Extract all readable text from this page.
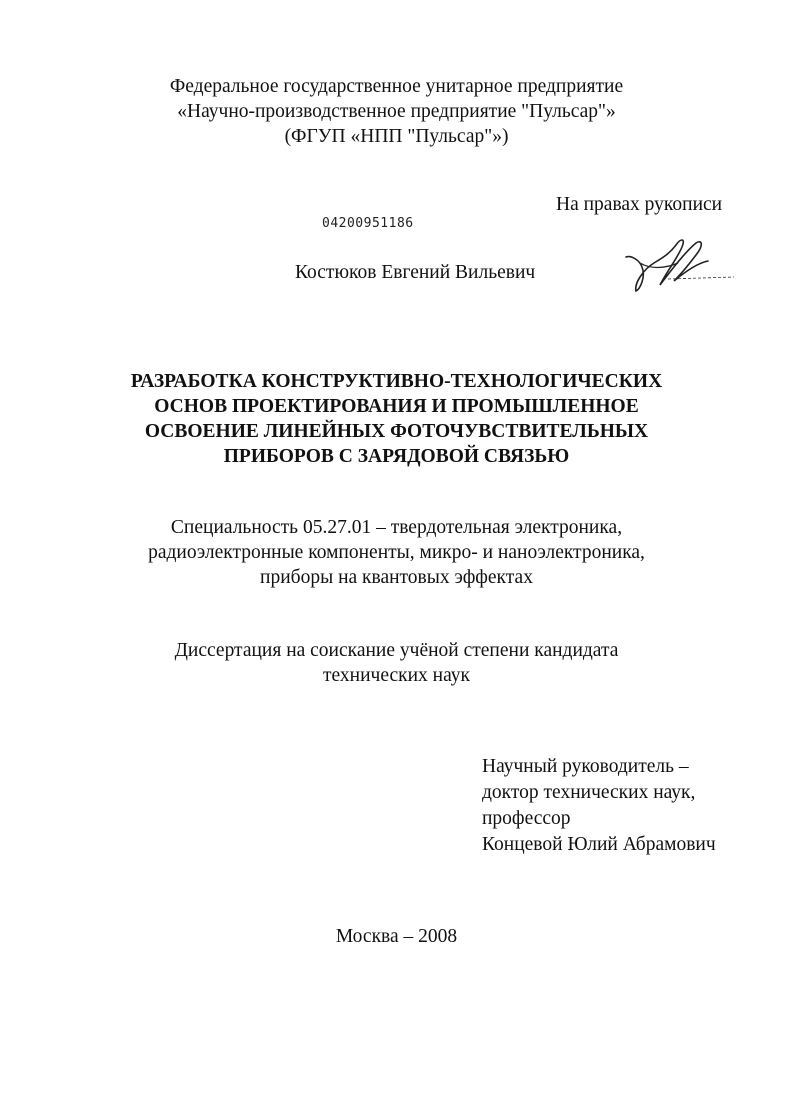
Федеральное государственное унитарное предприятие
«Научно-производственное предприятие "Пульсар"»
(ФГУП «НПП "Пульсар"»)
На правах рукописи
04200951186
Костюков Евгений Вильевич
РАЗРАБОТКА КОНСТРУКТИВНО-ТЕХНОЛОГИЧЕСКИХ
ОСНОВ ПРОЕКТИРОВАНИЯ И ПРОМЫШЛЕННОЕ
ОСВОЕНИЕ ЛИНЕЙНЫХ ФОТОЧУВСТВИТЕЛЬНЫХ
ПРИБОРОВ С ЗАРЯДОВОЙ СВЯЗЬЮ
Специальность 05.27.01 – твердотельная электроника,
радиоэлектронные компоненты, микро- и наноэлектроника,
приборы на квантовых эффектах
Диссертация на соискание учёной степени кандидата
технических наук
Научный руководитель –
доктор технических наук,
профессор
Концевой Юлий Абрамович
Москва – 2008
